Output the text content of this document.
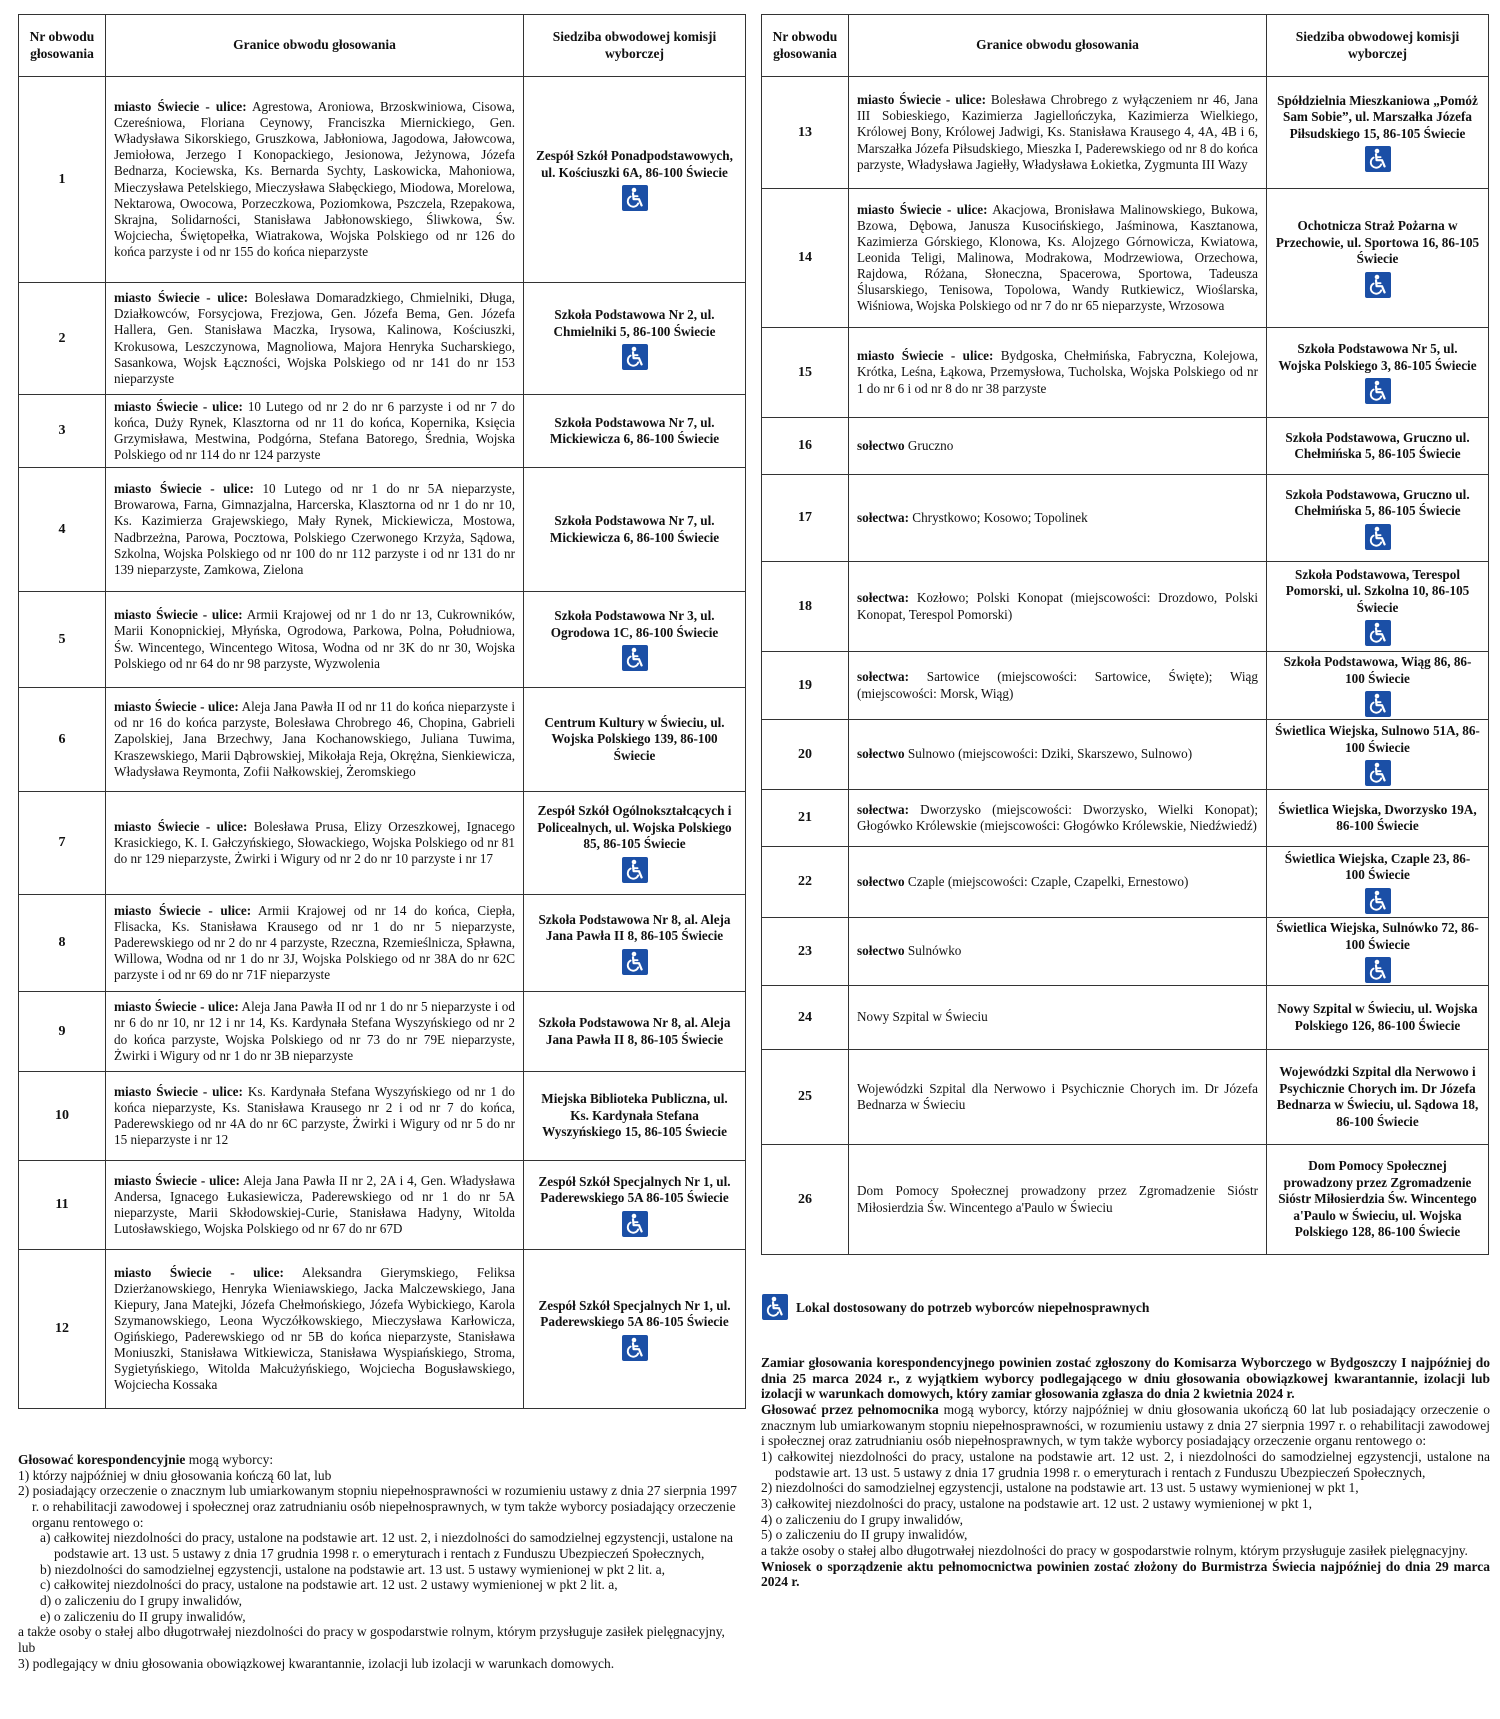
Nr obwodu głosowania	Granice obwodu głosowania	Siedziba obwodowej komisji wyborczej
1	miasto Świecie - ulice: Agrestowa, Aroniowa, Brzoskwiniowa, Cisowa, Czereśniowa, Floriana Ceynowy, Franciszka Miernickiego, Gen. Władysława Sikorskiego, Gruszkowa, Jabłoniowa, Jagodowa, Jałowcowa, Jemiołowa, Jerzego I Konopackiego, Jesionowa, Jeżynowa, Józefa Bednarza, Kociewska, Ks. Bernarda Sychty, Laskowicka, Mahoniowa, Mieczysława Petelskiego, Mieczysława Słabęckiego, Miodowa, Morelowa, Nektarowa, Owocowa, Porzeczkowa, Poziomkowa, Pszczela, Rzepakowa, Skrajna, Solidarności, Stanisława Jabłonowskiego, Śliwkowa, Św. Wojciecha, Świętopełka, Wiatrakowa, Wojska Polskiego od nr 126 do końca parzyste i od nr 155 do końca nieparzyste	Zespół Szkół Ponadpodstawowych, ul. Kościuszki 6A, 86-100 Świecie

2	miasto Świecie - ulice: Bolesława Domaradzkiego, Chmielniki, Długa, Działkowców, Forsycjowa, Frezjowa, Gen. Józefa Bema, Gen. Józefa Hallera, Gen. Stanisława Maczka, Irysowa, Kalinowa, Kościuszki, Krokusowa, Leszczynowa, Magnoliowa, Majora Henryka Sucharskiego, Sasankowa, Wojsk Łączności, Wojska Polskiego od nr 141 do nr 153 nieparzyste	Szkoła Podstawowa Nr 2, ul. Chmielniki 5, 86-100 Świecie

3	miasto Świecie - ulice: 10 Lutego od nr 2 do nr 6 parzyste i od nr 7 do końca, Duży Rynek, Klasztorna od nr 11 do końca, Kopernika, Księcia Grzymisława, Mestwina, Podgórna, Stefana Batorego, Średnia, Wojska Polskiego od nr 114 do nr 124 parzyste	Szkoła Podstawowa Nr 7, ul. Mickiewicza 6, 86-100 Świecie

4	miasto Świecie - ulice: 10 Lutego od nr 1 do nr 5A nieparzyste, Browarowa, Farna, Gimnazjalna, Harcerska, Klasztorna od nr 1 do nr 10, Ks. Kazimierza Grajewskiego, Mały Rynek, Mickiewicza, Mostowa, Nadbrzeżna, Parowa, Pocztowa, Polskiego Czerwonego Krzyża, Sądowa, Szkolna, Wojska Polskiego od nr 100 do nr 112 parzyste i od nr 131 do nr 139 nieparzyste, Zamkowa, Zielona	Szkoła Podstawowa Nr 7, ul. Mickiewicza 6, 86-100 Świecie

5	miasto Świecie - ulice: Armii Krajowej od nr 1 do nr 13, Cukrowników, Marii Konopnickiej, Młyńska, Ogrodowa, Parkowa, Polna, Południowa, Św. Wincentego, Wincentego Witosa, Wodna od nr 3K do nr 30, Wojska Polskiego od nr 64 do nr 98 parzyste, Wyzwolenia	Szkoła Podstawowa Nr 3, ul. Ogrodowa 1C, 86-100 Świecie

6	miasto Świecie - ulice: Aleja Jana Pawła II od nr 11 do końca nieparzyste i od nr 16 do końca parzyste, Bolesława Chrobrego 46, Chopina, Gabrieli Zapolskiej, Jana Brzechwy, Jana Kochanowskiego, Juliana Tuwima, Kraszewskiego, Marii Dąbrowskiej, Mikołaja Reja, Okrężna, Sienkiewicza, Władysława Reymonta, Zofii Nałkowskiej, Żeromskiego	Centrum Kultury w Świeciu, ul. Wojska Polskiego 139, 86-100 Świecie

7	miasto Świecie - ulice: Bolesława Prusa, Elizy Orzeszkowej, Ignacego Krasickiego, K. I. Gałczyńskiego, Słowackiego, Wojska Polskiego od nr 81 do nr 129 nieparzyste, Żwirki i Wigury od nr 2 do nr 10 parzyste i nr 17	Zespół Szkół Ogólnokształcących i Policealnych, ul. Wojska Polskiego 85, 86-105 Świecie

8	miasto Świecie - ulice: Armii Krajowej od nr 14 do końca, Ciepła, Flisacka, Ks. Stanisława Krausego od nr 1 do nr 5 nieparzyste, Paderewskiego od nr 2 do nr 4 parzyste, Rzeczna, Rzemieślnicza, Spławna, Willowa, Wodna od nr 1 do nr 3J, Wojska Polskiego od nr 38A do nr 62C parzyste i od nr 69 do nr 71F nieparzyste	Szkoła Podstawowa Nr 8, al. Aleja Jana Pawła II 8, 86-105 Świecie

9	miasto Świecie - ulice: Aleja Jana Pawła II od nr 1 do nr 5 nieparzyste i od nr 6 do nr 10, nr 12 i nr 14, Ks. Kardynała Stefana Wyszyńskiego od nr 2 do końca parzyste, Wojska Polskiego od nr 73 do nr 79E nieparzyste, Żwirki i Wigury od nr 1 do nr 3B nieparzyste	Szkoła Podstawowa Nr 8, al. Aleja Jana Pawła II 8, 86-105 Świecie

10	miasto Świecie - ulice: Ks. Kardynała Stefana Wyszyńskiego od nr 1 do końca nieparzyste, Ks. Stanisława Krausego nr 2 i od nr 7 do końca, Paderewskiego od nr 4A do nr 6C parzyste, Żwirki i Wigury od nr 5 do nr 15 nieparzyste i nr 12	Miejska Biblioteka Publiczna, ul. Ks. Kardynała Stefana Wyszyńskiego 15, 86-105 Świecie

11	miasto Świecie - ulice: Aleja Jana Pawła II nr 2, 2A i 4, Gen. Władysława Andersa, Ignacego Łukasiewicza, Paderewskiego od nr 1 do nr 5A nieparzyste, Marii Skłodowskiej-Curie, Stanisława Hadyny, Witolda Lutosławskiego, Wojska Polskiego od nr 67 do nr 67D	Zespół Szkół Specjalnych Nr 1, ul. Paderewskiego 5A 86-105 Świecie

12	miasto Świecie - ulice: Aleksandra Gierymskiego, Feliksa Dzierżanowskiego, Henryka Wieniawskiego, Jacka Malczewskiego, Jana Kiepury, Jana Matejki, Józefa Chełmońskiego, Józefa Wybickiego, Karola Szymanowskiego, Leona Wyczółkowskiego, Mieczysława Karłowicza, Ogińskiego, Paderewskiego od nr 5B do końca nieparzyste, Stanisława Moniuszki, Stanisława Witkiewicza, Stanisława Wyspiańskiego, Stroma, Sygietyńskiego, Witolda Małcużyńskiego, Wojciecha Bogusławskiego, Wojciecha Kossaka	Zespół Szkół Specjalnych Nr 1, ul. Paderewskiego 5A 86-105 Świecie
Nr obwodu głosowania	Granice obwodu głosowania	Siedziba obwodowej komisji wyborczej
13	miasto Świecie - ulice: Bolesława Chrobrego z wyłączeniem nr 46, Jana III Sobieskiego, Kazimierza Jagiellończyka, Kazimierza Wielkiego, Królowej Bony, Królowej Jadwigi, Ks. Stanisława Krausego 4, 4A, 4B i 6, Marszałka Józefa Piłsudskiego, Mieszka I, Paderewskiego od nr 8 do końca parzyste, Władysława Jagiełły, Władysława Łokietka, Zygmunta III Wazy	Spółdzielnia Mieszkaniowa „Pomóż Sam Sobie”, ul. Marszałka Józefa Piłsudskiego 15, 86-105 Świecie

14	miasto Świecie - ulice: Akacjowa, Bronisława Malinowskiego, Bukowa, Bzowa, Dębowa, Janusza Kusocińskiego, Jaśminowa, Kasztanowa, Kazimierza Górskiego, Klonowa, Ks. Alojzego Górnowicza, Kwiatowa, Leonida Teligi, Malinowa, Modrakowa, Modrzewiowa, Orzechowa, Rajdowa, Różana, Słoneczna, Spacerowa, Sportowa, Tadeusza Ślusarskiego, Tenisowa, Topolowa, Wandy Rutkiewicz, Wioślarska, Wiśniowa, Wojska Polskiego od nr 7 do nr 65 nieparzyste, Wrzosowa	Ochotnicza Straż Pożarna w Przechowie, ul. Sportowa 16, 86-105 Świecie

15	miasto Świecie - ulice: Bydgoska, Chełmińska, Fabryczna, Kolejowa, Krótka, Leśna, Łąkowa, Przemysłowa, Tucholska, Wojska Polskiego od nr 1 do nr 6 i od nr 8 do nr 38 parzyste	Szkoła Podstawowa Nr 5, ul. Wojska Polskiego 3, 86-105 Świecie

16	sołectwo Gruczno	Szkoła Podstawowa, Gruczno ul. Chełmińska 5, 86-105 Świecie

17	sołectwa: Chrystkowo; Kosowo; Topolinek	Szkoła Podstawowa, Gruczno ul. Chełmińska 5, 86-105 Świecie

18	sołectwa: Kozłowo; Polski Konopat (miejscowości: Drozdowo, Polski Konopat, Terespol Pomorski)	Szkoła Podstawowa, Terespol Pomorski, ul. Szkolna 10, 86-105 Świecie

19	sołectwa: Sartowice (miejscowości: Sartowice, Święte); Wiąg (miejscowości: Morsk, Wiąg)	Szkoła Podstawowa, Wiąg 86, 86-100 Świecie

20	sołectwo Sulnowo (miejscowości: Dziki, Skarszewo, Sulnowo)	Świetlica Wiejska, Sulnowo 51A, 86-100 Świecie

21	sołectwa: Dworzysko (miejscowości: Dworzysko, Wielki Konopat); Głogówko Królewskie (miejscowości: Głogówko Królewskie, Niedźwiedź)	Świetlica Wiejska, Dworzysko 19A, 86-100 Świecie

22	sołectwo Czaple (miejscowości: Czaple, Czapelki, Ernestowo)	Świetlica Wiejska, Czaple 23, 86-100 Świecie

23	sołectwo Sulnówko	Świetlica Wiejska, Sulnówko 72, 86-100 Świecie

24	Nowy Szpital w Świeciu	Nowy Szpital w Świeciu, ul. Wojska Polskiego 126, 86-100 Świecie

25	Wojewódzki Szpital dla Nerwowo i Psychicznie Chorych im. Dr Józefa Bednarza w Świeciu	Wojewódzki Szpital dla Nerwowo i Psychicznie Chorych im. Dr Józefa Bednarza w Świeciu, ul. Sądowa 18, 86-100 Świecie

26	Dom Pomocy Społecznej prowadzony przez Zgromadzenie Sióstr Miłosierdzia Św. Wincentego a'Paulo w Świeciu	Dom Pomocy Społecznej prowadzony przez Zgromadzenie Sióstr Miłosierdzia Św. Wincentego a'Paulo w Świeciu, ul. Wojska Polskiego 128, 86-100 Świecie
Lokal dostosowany do potrzeb wyborców niepełnosprawnych

Głosować korespondencyjnie mogą wyborcy:

1) którzy najpóźniej w dniu głosowania kończą 60 lat, lub

2) posiadający orzeczenie o znacznym lub umiarkowanym stopniu niepełnosprawności w rozumieniu ustawy z dnia 27 sierpnia 1997 r. o rehabilitacji zawodowej i społecznej oraz zatrudnianiu osób niepełnosprawnych, w tym także wyborcy posiadający orzeczenie organu rentowego o:

a) całkowitej niezdolności do pracy, ustalone na podstawie art. 12 ust. 2, i niezdolności do samodzielnej egzystencji, ustalone na podstawie art. 13 ust. 5 ustawy z dnia 17 grudnia 1998 r. o emeryturach i rentach z Funduszu Ubezpieczeń Społecznych,

b) niezdolności do samodzielnej egzystencji, ustalone na podstawie art. 13 ust. 5 ustawy wymienionej w pkt 2 lit. a,

c) całkowitej niezdolności do pracy, ustalone na podstawie art. 12 ust. 2 ustawy wymienionej w pkt 2 lit. a,

d) o zaliczeniu do I grupy inwalidów,

e) o zaliczeniu do II grupy inwalidów,

a także osoby o stałej albo długotrwałej niezdolności do pracy w gospodarstwie rolnym, którym przysługuje zasiłek pielęgnacyjny, lub

3) podlegający w dniu głosowania obowiązkowej kwarantannie, izolacji lub izolacji w warunkach domowych.

Zamiar głosowania korespondencyjnego powinien zostać zgłoszony do Komisarza Wyborczego w Bydgoszczy I najpóźniej do dnia 25 marca 2024 r., z wyjątkiem wyborcy podlegającego w dniu głosowania obowiązkowej kwarantannie, izolacji lub izolacji w warunkach domowych, który zamiar głosowania zgłasza do dnia 2 kwietnia 2024 r.

Głosować przez pełnomocnika mogą wyborcy, którzy najpóźniej w dniu głosowania ukończą 60 lat lub posiadający orzeczenie o znacznym lub umiarkowanym stopniu niepełnosprawności, w rozumieniu ustawy z dnia 27 sierpnia 1997 r. o rehabilitacji zawodowej i społecznej oraz zatrudnianiu osób niepełnosprawnych, w tym także wyborcy posiadający orzeczenie organu rentowego o:

1) całkowitej niezdolności do pracy, ustalone na podstawie art. 12 ust. 2, i niezdolności do samodzielnej egzystencji, ustalone na podstawie art. 13 ust. 5 ustawy z dnia 17 grudnia 1998 r. o emeryturach i rentach z Funduszu Ubezpieczeń Społecznych,

2) niezdolności do samodzielnej egzystencji, ustalone na podstawie art. 13 ust. 5 ustawy wymienionej w pkt 1,

3) całkowitej niezdolności do pracy, ustalone na podstawie art. 12 ust. 2 ustawy wymienionej w pkt 1,

4) o zaliczeniu do I grupy inwalidów,

5) o zaliczeniu do II grupy inwalidów,

a także osoby o stałej albo długotrwałej niezdolności do pracy w gospodarstwie rolnym, którym przysługuje zasiłek pielęgnacyjny.

Wniosek o sporządzenie aktu pełnomocnictwa powinien zostać złożony do Burmistrza Świecia najpóźniej do dnia 29 marca 2024 r.
